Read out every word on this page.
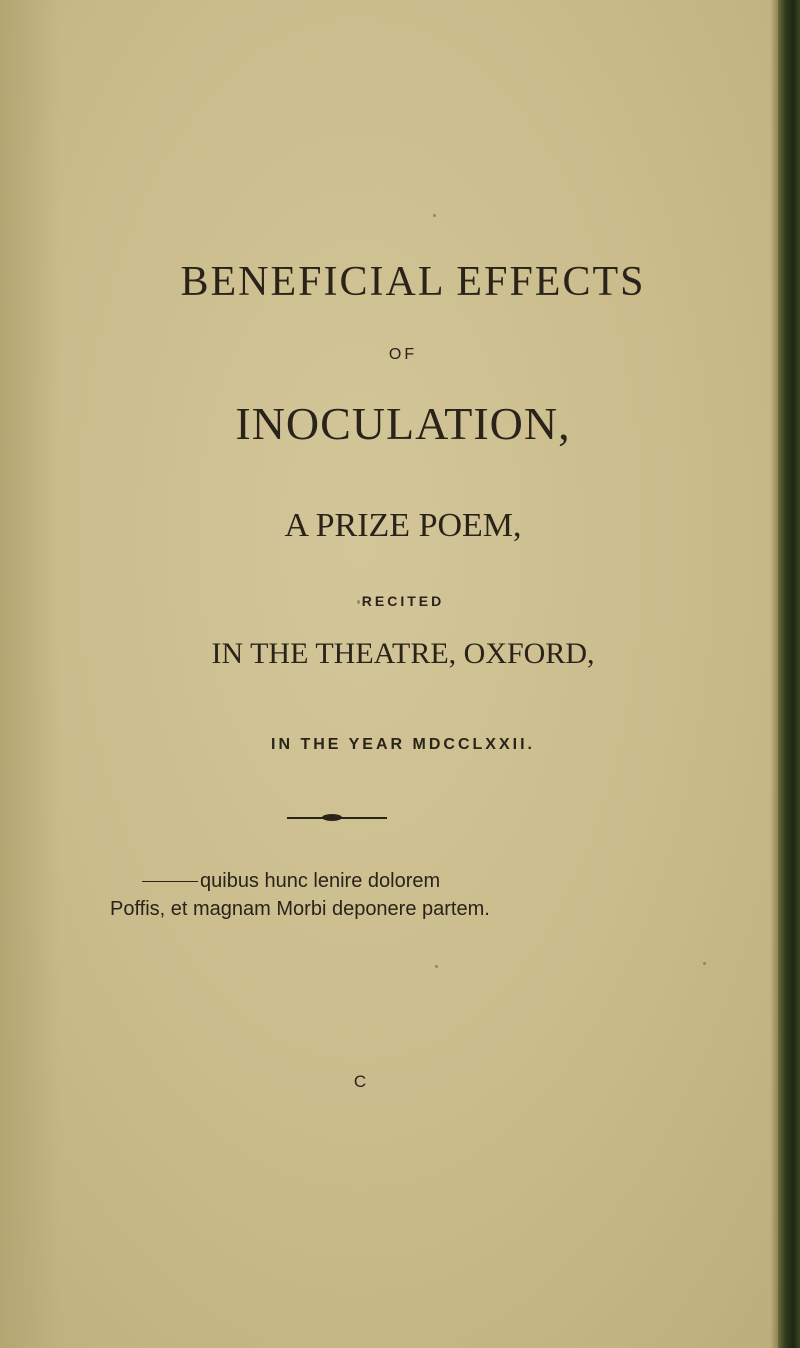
BENEFICIAL EFFECTS
OF
INOCULATION,
A PRIZE POEM,
RECITED
IN THE THEATRE, OXFORD,
IN THE YEAR MDCCLXXII.
quibus hunc lenire dolorem
Poffis, et magnam Morbi deponere partem.
C
